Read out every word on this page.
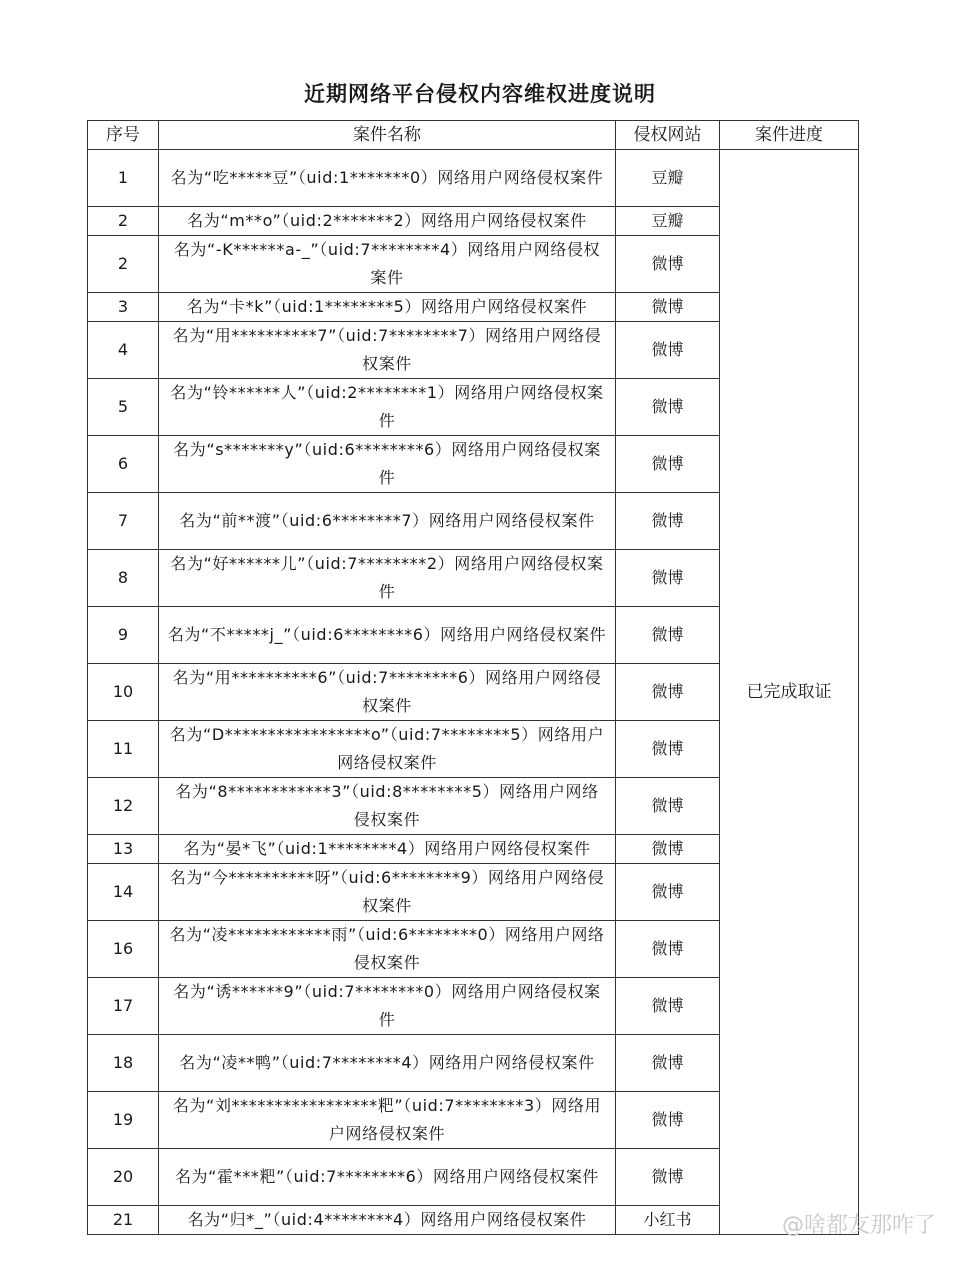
近期网络平台侵权内容维权进度说明
序号	案件名称	侵权网站	案件进度
1	名为“吃*****豆”（uid:1*******0）网络用户网络侵权案件	豆瓣	已完成取证
2	名为“m**o”（uid:2*******2）网络用户网络侵权案件	豆瓣	
2	名为“-K******a-_”（uid:7********4）网络用户网络侵权案件	微博	
3	名为“卡*k”（uid:1********5）网络用户网络侵权案件	微博	
4	名为“用**********7”（uid:7********7）网络用户网络侵权案件	微博	
5	名为“铃******人”（uid:2********1）网络用户网络侵权案件	微博	
6	名为“s*******y”（uid:6********6）网络用户网络侵权案件	微博	
7	名为“前**渡”（uid:6********7）网络用户网络侵权案件	微博	
8	名为“好******儿”（uid:7********2）网络用户网络侵权案件	微博	
9	名为“不*****j_”（uid:6********6）网络用户网络侵权案件	微博	
10	名为“用**********6”（uid:7********6）网络用户网络侵权案件	微博	
11	名为“D*****************o”（uid:7********5）网络用户网络侵权案件	微博	
12	名为“8************3”（uid:8********5）网络用户网络侵权案件	微博	
13	名为“晏*飞”（uid:1********4）网络用户网络侵权案件	微博	
14	名为“今**********呀”（uid:6********9）网络用户网络侵权案件	微博	
16	名为“凌************雨”（uid:6********0）网络用户网络侵权案件	微博	
17	名为“诱******9”（uid:7********0）网络用户网络侵权案件	微博	
18	名为“凌**鸭”（uid:7********4）网络用户网络侵权案件	微博	
19	名为“刘*****************粑”（uid:7********3）网络用户网络侵权案件	微博	
20	名为“霍***粑”（uid:7********6）网络用户网络侵权案件	微博	
21	名为“归*_”（uid:4********4）网络用户网络侵权案件	小红书		@啥都友那咋了
